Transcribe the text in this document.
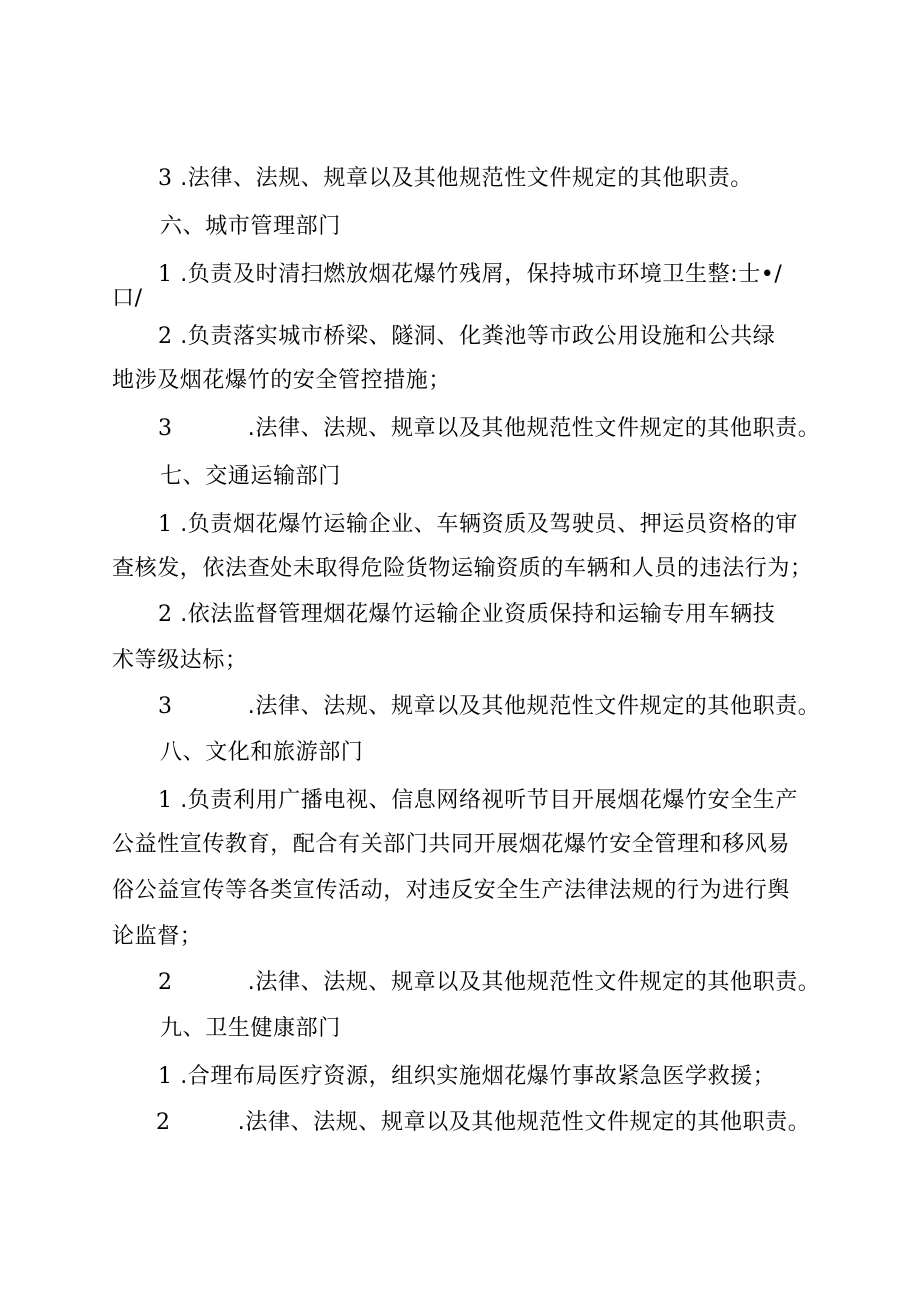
3 .法律、法规、规章以及其他规范性文件规定的其他职责。

六、城市管理部门

1 .负责及时清扫燃放烟花爆竹残屑，保持城市环境卫生整:士•/

口/

2 .负责落实城市桥梁、隧洞、化粪池等市政公用设施和公共绿

地涉及烟花爆竹的安全管控措施；

3	.法律、法规、规章以及其他规范性文件规定的其他职责。

七、交通运输部门

1 .负责烟花爆竹运输企业、车辆资质及驾驶员、押运员资格的审

查核发，依法查处未取得危险货物运输资质的车辆和人员的违法行为；

2 .依法监督管理烟花爆竹运输企业资质保持和运输专用车辆技

术等级达标；

3	.法律、法规、规章以及其他规范性文件规定的其他职责。

八、文化和旅游部门

1 .负责利用广播电视、信息网络视听节目开展烟花爆竹安全生产

公益性宣传教育，配合有关部门共同开展烟花爆竹安全管理和移风易

俗公益宣传等各类宣传活动，对违反安全生产法律法规的行为进行舆

论监督；

2	.法律、法规、规章以及其他规范性文件规定的其他职责。

九、卫生健康部门

1 .合理布局医疗资源，组织实施烟花爆竹事故紧急医学救援；

2	.法律、法规、规章以及其他规范性文件规定的其他职责。
